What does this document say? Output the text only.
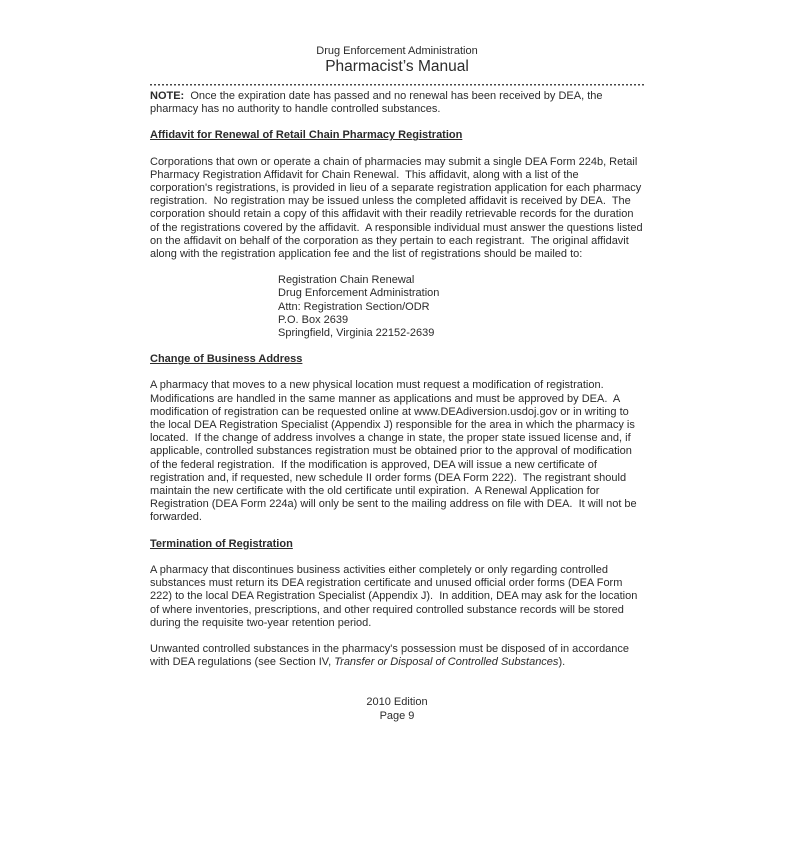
Drug Enforcement Administration
Pharmacist’s Manual

NOTE:  Once the expiration date has passed and no renewal has been received by DEA, the pharmacy has no authority to handle controlled substances.

Affidavit for Renewal of Retail Chain Pharmacy Registration

Corporations that own or operate a chain of pharmacies may submit a single DEA Form 224b, Retail Pharmacy Registration Affidavit for Chain Renewal.  This affidavit, along with a list of the corporation's registrations, is provided in lieu of a separate registration application for each pharmacy registration.  No registration may be issued unless the completed affidavit is received by DEA.  The corporation should retain a copy of this affidavit with their readily retrievable records for the duration of the registrations covered by the affidavit.  A responsible individual must answer the questions listed on the affidavit on behalf of the corporation as they pertain to each registrant.  The original affidavit along with the registration application fee and the list of registrations should be mailed to:

Registration Chain Renewal
Drug Enforcement Administration
Attn: Registration Section/ODR
P.O. Box 2639
Springfield, Virginia 22152-2639
Change of Business Address

A pharmacy that moves to a new physical location must request a modification of registration.  Modifications are handled in the same manner as applications and must be approved by DEA.  A modification of registration can be requested online at www.DEAdiversion.usdoj.gov or in writing to the local DEA Registration Specialist (Appendix J) responsible for the area in which the pharmacy is located.  If the change of address involves a change in state, the proper state issued license and, if applicable, controlled substances registration must be obtained prior to the approval of modification of the federal registration.  If the modification is approved, DEA will issue a new certificate of registration and, if requested, new schedule II order forms (DEA Form 222).  The registrant should maintain the new certificate with the old certificate until expiration.  A Renewal Application for Registration (DEA Form 224a) will only be sent to the mailing address on file with DEA.  It will not be forwarded.

Termination of Registration

A pharmacy that discontinues business activities either completely or only regarding controlled substances must return its DEA registration certificate and unused official order forms (DEA Form 222) to the local DEA Registration Specialist (Appendix J).  In addition, DEA may ask for the location of where inventories, prescriptions, and other required controlled substance records will be stored during the requisite two-year retention period.

Unwanted controlled substances in the pharmacy's possession must be disposed of in accordance with DEA regulations (see Section IV, Transfer or Disposal of Controlled Substances).

2010 Edition
Page 9
